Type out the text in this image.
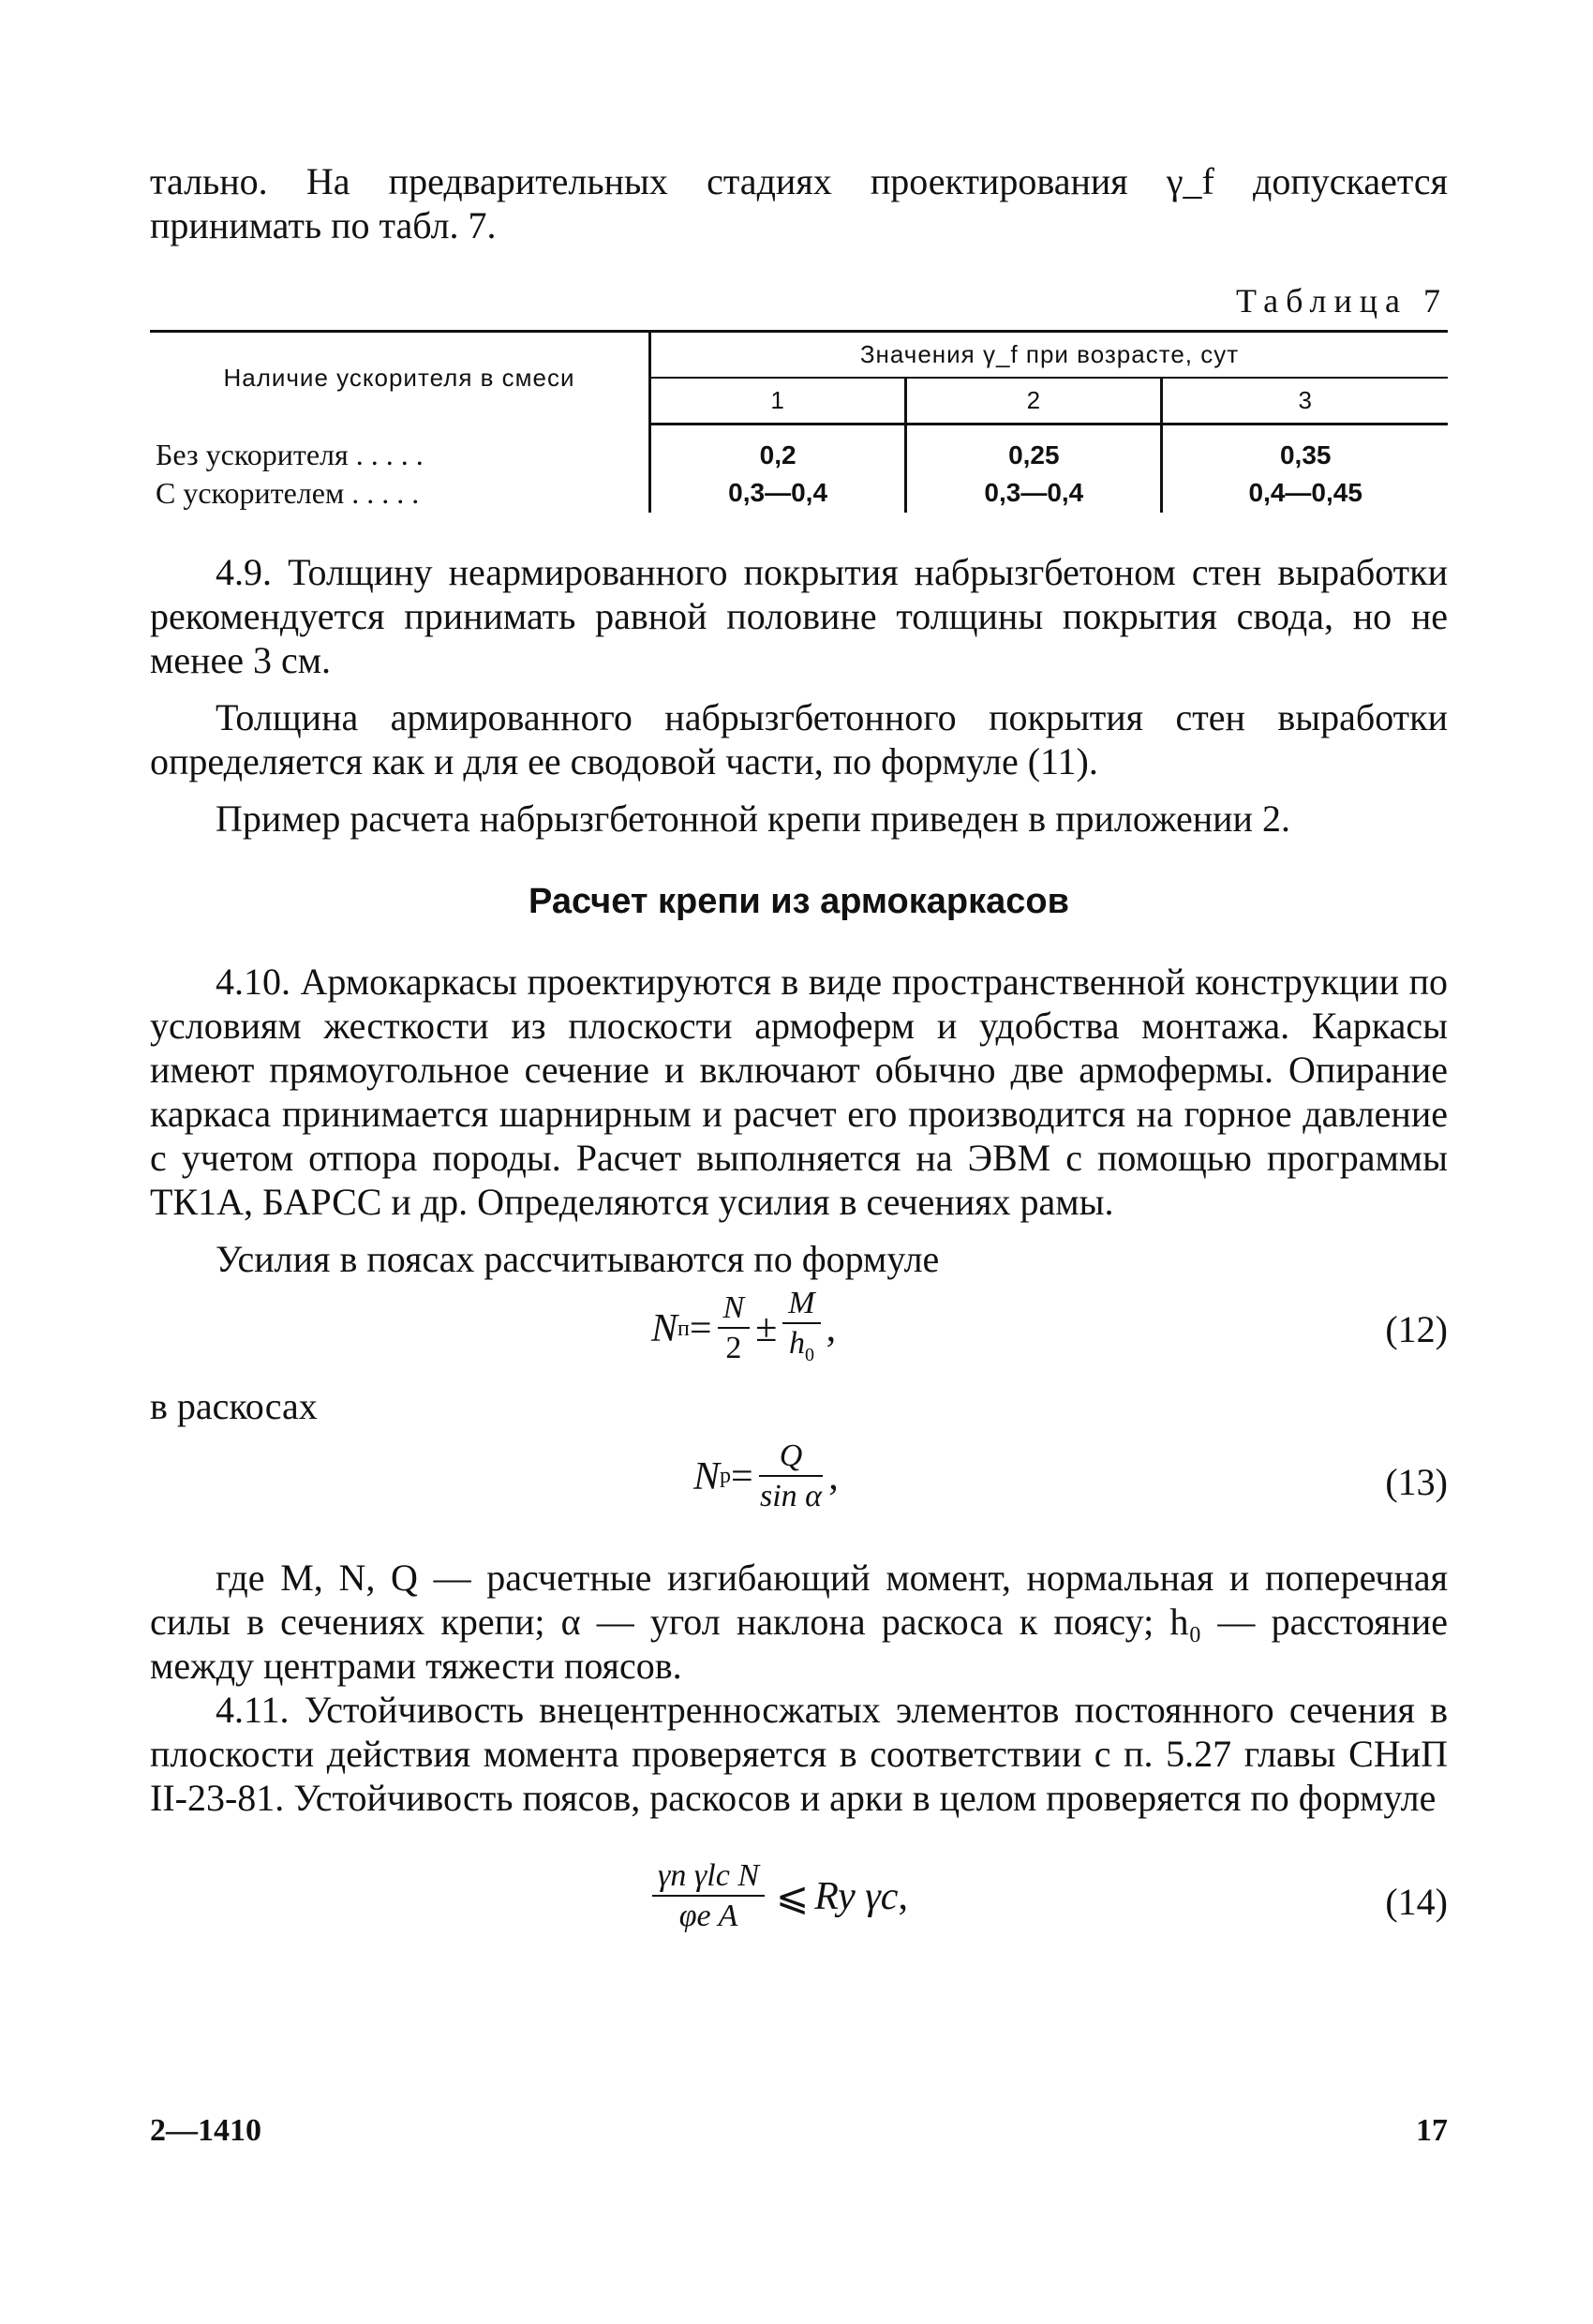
тально. На предварительных стадиях проектирования γ_f допускается принимать по табл. 7.

Таблица 7
Наличие ускорителя в смеси	Значения γ_f при возрасте, сут		
	1	2	3
Без ускорителя . . . . .	0,2	0,25	0,35
С ускорителем . . . . .	0,3—0,4	0,3—0,4	0,4—0,45

4.9. Толщину неармированного покрытия набрызгбетоном стен выработки рекомендуется принимать равной половине толщины покрытия свода, но не менее 3 см.

Толщина армированного набрызгбетонного покрытия стен выработки определяется как и для ее сводовой части, по формуле (11).

Пример расчета набрызгбетонной крепи приведен в приложении 2.

Расчет крепи из армокаркасов

4.10. Армокаркасы проектируются в виде пространственной конструкции по условиям жесткости из плоскости армоферм и удобства монтажа. Каркасы имеют прямоугольное сечение и включают обычно две армофермы. Опирание каркаса принимается шарнирным и расчет его производится на горное давление с учетом отпора породы. Расчет выполняется на ЭВМ с помощью программы ТК1А, БАРСС и др. Определяются усилия в сечениях рамы.

Усилия в поясах рассчитываются по формуле

N $п = \frac{N}{2} \pm \frac{M}{h_0}$ ,	(12)

в раскосах

N $р = \frac{Q}{\text{sin α}}$ ,	(13)

где M, N, Q — расчетные изгибающий момент, нормальная и поперечная силы в сечениях крепи; α — угол наклона раскоса к поясу; h₀ — расстояние между центрами тяжести поясов.

4.11. Устойчивость внецентренносжатых элементов постоянного сечения в плоскости действия момента проверяется в соответствии с п. 5.27 главы СНиП II-23-81. Устойчивость поясов, раскосов и арки в целом проверяется по формуле

$\frac{\text{γn γlc N}}{\text{φe A}}$ ⩽ Ry γc ,	(14)
2—1410	17
